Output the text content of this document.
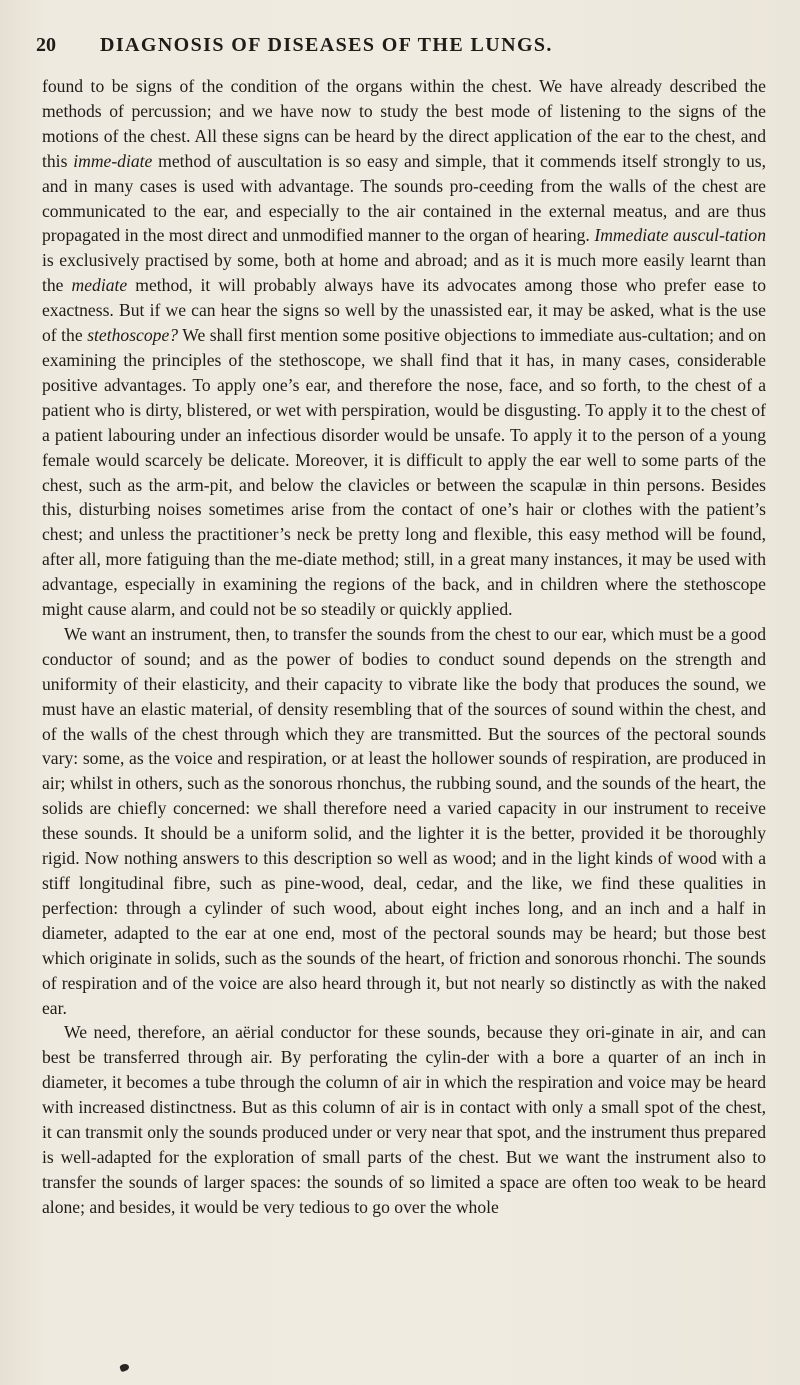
20 DIAGNOSIS OF DISEASES OF THE LUNGS.

found to be signs of the condition of the organs within the chest. We have already described the methods of percussion; and we have now to study the best mode of listening to the signs of the motions of the chest. All these signs can be heard by the direct application of the ear to the chest, and this imme-diate method of auscultation is so easy and simple, that it commends itself strongly to us, and in many cases is used with advantage. The sounds pro-ceeding from the walls of the chest are communicated to the ear, and especially to the air contained in the external meatus, and are thus propagated in the most direct and unmodified manner to the organ of hearing. Immediate auscul-tation is exclusively practised by some, both at home and abroad; and as it is much more easily learnt than the mediate method, it will probably always have its advocates among those who prefer ease to exactness. But if we can hear the signs so well by the unassisted ear, it may be asked, what is the use of the stethoscope? We shall first mention some positive objections to immediate aus-cultation; and on examining the principles of the stethoscope, we shall find that it has, in many cases, considerable positive advantages. To apply one’s ear, and therefore the nose, face, and so forth, to the chest of a patient who is dirty, blistered, or wet with perspiration, would be disgusting. To apply it to the chest of a patient labouring under an infectious disorder would be unsafe. To apply it to the person of a young female would scarcely be delicate. Moreover, it is difficult to apply the ear well to some parts of the chest, such as the arm-pit, and below the clavicles or between the scapulæ in thin persons. Besides this, disturbing noises sometimes arise from the contact of one’s hair or clothes with the patient’s chest; and unless the practitioner’s neck be pretty long and flexible, this easy method will be found, after all, more fatiguing than the me-diate method; still, in a great many instances, it may be used with advantage, especially in examining the regions of the back, and in children where the stethoscope might cause alarm, and could not be so steadily or quickly applied.

We want an instrument, then, to transfer the sounds from the chest to our ear, which must be a good conductor of sound; and as the power of bodies to conduct sound depends on the strength and uniformity of their elasticity, and their capacity to vibrate like the body that produces the sound, we must have an elastic material, of density resembling that of the sources of sound within the chest, and of the walls of the chest through which they are transmitted. But the sources of the pectoral sounds vary: some, as the voice and respiration, or at least the hollower sounds of respiration, are produced in air; whilst in others, such as the sonorous rhonchus, the rubbing sound, and the sounds of the heart, the solids are chiefly concerned: we shall therefore need a varied capacity in our instrument to receive these sounds. It should be a uniform solid, and the lighter it is the better, provided it be thoroughly rigid. Now nothing answers to this description so well as wood; and in the light kinds of wood with a stiff longitudinal fibre, such as pine-wood, deal, cedar, and the like, we find these qualities in perfection: through a cylinder of such wood, about eight inches long, and an inch and a half in diameter, adapted to the ear at one end, most of the pectoral sounds may be heard; but those best which originate in solids, such as the sounds of the heart, of friction and sonorous rhonchi. The sounds of respiration and of the voice are also heard through it, but not nearly so distinctly as with the naked ear.

We need, therefore, an aërial conductor for these sounds, because they ori-ginate in air, and can best be transferred through air. By perforating the cylin-der with a bore a quarter of an inch in diameter, it becomes a tube through the column of air in which the respiration and voice may be heard with increased distinctness. But as this column of air is in contact with only a small spot of the chest, it can transmit only the sounds produced under or very near that spot, and the instrument thus prepared is well-adapted for the exploration of small parts of the chest. But we want the instrument also to transfer the sounds of larger spaces: the sounds of so limited a space are often too weak to be heard alone; and besides, it would be very tedious to go over the whole
